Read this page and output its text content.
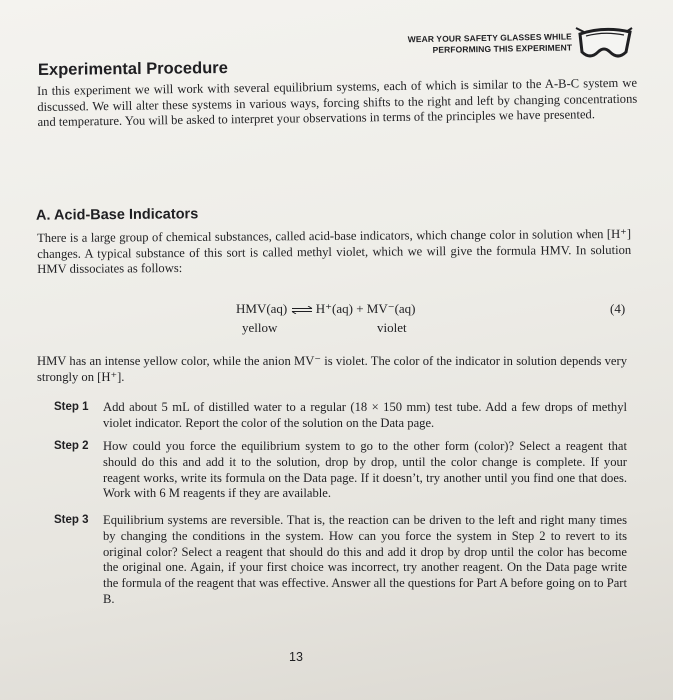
WEAR YOUR SAFETY GLASSES WHILE
PERFORMING THIS EXPERIMENT
Experimental Procedure
In this experiment we will work with several equilibrium systems, each of which is similar to the A-B-C system we discussed. We will alter these systems in various ways, forcing shifts to the right and left by changing concentrations and temperature. You will be asked to interpret your observations in terms of the principles we have presented.
A. Acid-Base Indicators
There is a large group of chemical substances, called acid-base indicators, which change color in solution when [H⁺] changes. A typical substance of this sort is called methyl violet, which we will give the formula HMV. In solution HMV dissociates as follows:
HMV(aq) ⇌ H⁺(aq) + MV⁻(aq)
yellow	violet
(4)
HMV has an intense yellow color, while the anion MV⁻ is violet. The color of the indicator in solution depends very strongly on [H⁺].
Step 1 Add about 5 mL of distilled water to a regular (18 × 150 mm) test tube. Add a few drops of methyl violet indicator. Report the color of the solution on the Data page.
Step 2 How could you force the equilibrium system to go to the other form (color)? Select a reagent that should do this and add it to the solution, drop by drop, until the color change is complete. If your reagent works, write its formula on the Data page. If it doesn’t, try another until you find one that does. Work with 6 M reagents if they are available.
Step 3 Equilibrium systems are reversible. That is, the reaction can be driven to the left and right many times by changing the conditions in the system. How can you force the system in Step 2 to revert to its original color? Select a reagent that should do this and add it drop by drop until the color has become the original one. Again, if your first choice was incorrect, try another reagent. On the Data page write the formula of the reagent that was effective. Answer all the questions for Part A before going on to Part B.
13
